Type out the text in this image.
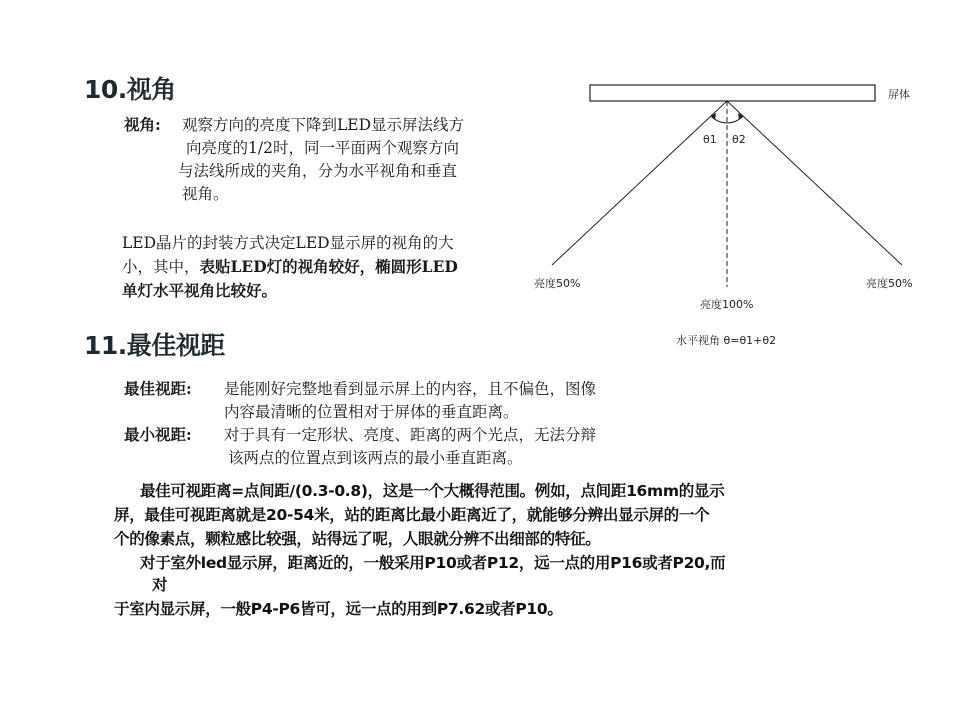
10.视角
视角: 观察方向的亮度下降到LED显示屏法线方
向亮度的1/2时，同一平面两个观察方向
与法线所成的夹角，分为水平视角和垂直
视角。
LED晶片的封装方式决定LED显示屏的视角的大
小，其中，表贴LED灯的视角较好，椭圆形LED
单灯水平视角比较好。
屏体
θ1 θ2
亮度50%	亮度50%
亮度100%
水平视角 θ=θ1+θ2
11.最佳视距
最佳视距: 是能刚好完整地看到显示屏上的内容，且不偏色，图像
内容最清晰的位置相对于屏体的垂直距离。
最小视距: 对于具有一定形状、亮度、距离的两个光点，无法分辩
该两点的位置点到该两点的最小垂直距离。
最佳可视距离=点间距/(0.3-0.8)，这是一个大概得范围。例如，点间距16mm的显示
屏，最佳可视距离就是20-54米，站的距离比最小距离近了，就能够分辨出显示屏的一个
个的像素点，颗粒感比较强，站得远了呢，人眼就分辨不出细部的特征。
对于室外led显示屏，距离近的，一般采用P10或者P12，远一点的用P16或者P20,而
对
于室内显示屏，一般P4-P6皆可，远一点的用到P7.62或者P10。
